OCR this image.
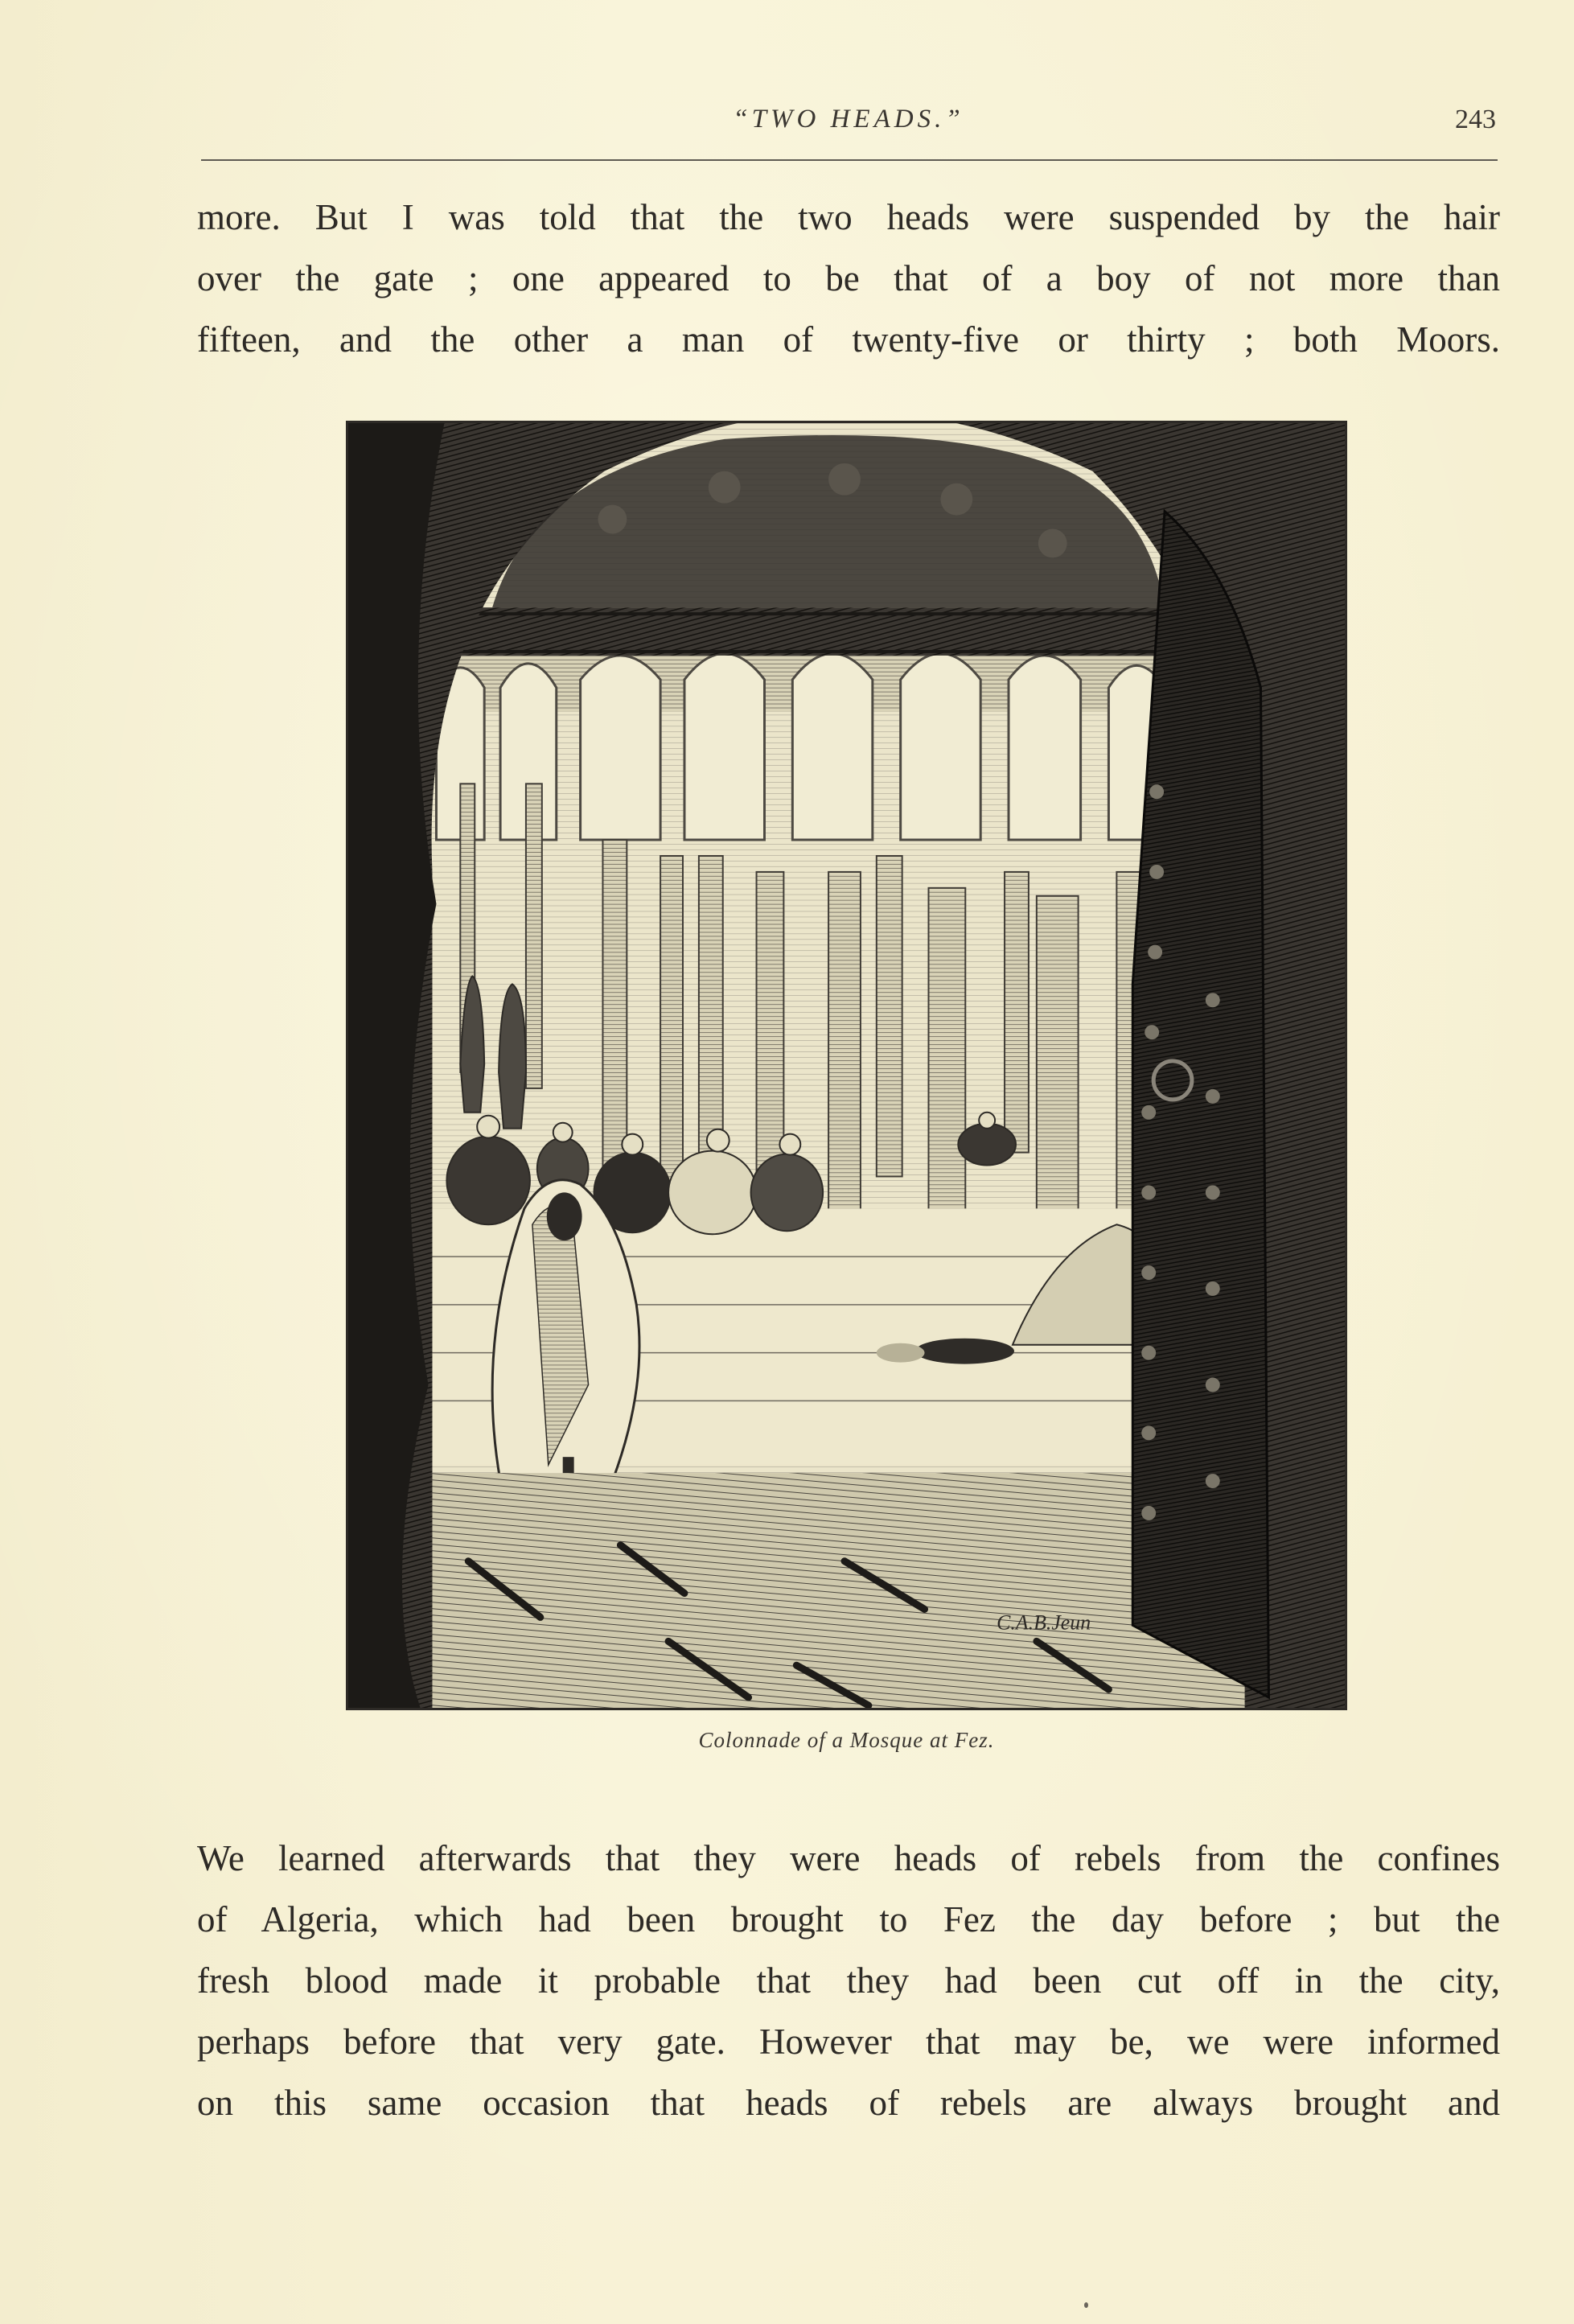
“TWO HEADS.”	243
more. But I was told that the two heads were suspended by the hair
over the gate ; one appeared to be that of a boy of not more than
fifteen, and the other a man of twenty-five or thirty ; both Moors.
C.A.B.Jeun
Colonnade of a Mosque at Fez.
We learned afterwards that they were heads of rebels from the confines
of Algeria, which had been brought to Fez the day before ; but the
fresh blood made it probable that they had been cut off in the city,
perhaps before that very gate. However that may be, we were informed
on this same occasion that heads of rebels are always brought and
